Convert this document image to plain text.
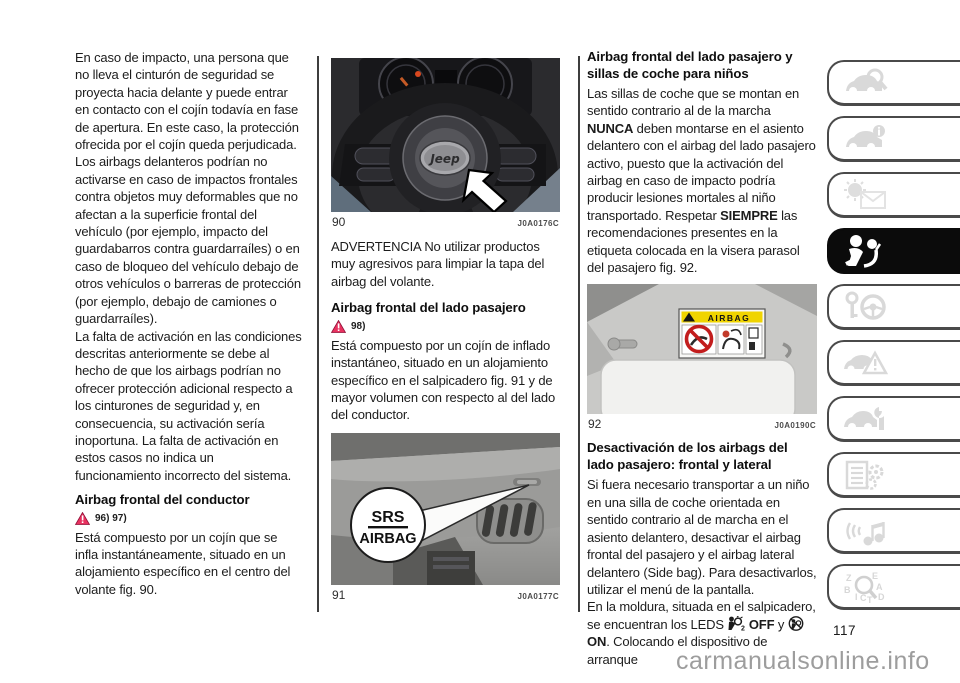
En caso de impacto, una persona que no lleva el cinturón de seguridad se proyecta hacia delante y puede entrar en contacto con el cojín todavía en fase de apertura. En este caso, la protección ofrecida por el cojín queda perjudicada.

Los airbags delanteros podrían no activarse en caso de impactos frontales contra objetos muy deformables que no afectan a la superficie frontal del vehículo (por ejemplo, impacto del guardabarros contra guardarraíles) o en caso de bloqueo del vehículo debajo de otros vehículos o barreras de protección (por ejemplo, debajo de camiones o guardarraíles).

La falta de activación en las condiciones descritas anteriormente se debe al hecho de que los airbags podrían no ofrecer protección adicional respecto a los cinturones de seguridad y, en consecuencia, su activación sería inoportuna. La falta de activación en estos casos no indica un funcionamiento incorrecto del sistema.

Airbag frontal del conductor
96) 97)

Está compuesto por un cojín que se infla instantáneamente, situado en un alojamiento específico en el centro del volante fig. 90.

Jeep
90	J0A0176C

ADVERTENCIA No utilizar productos muy agresivos para limpiar la tapa del airbag del volante.

Airbag frontal del lado pasajero
98)

Está compuesto por un cojín de inflado instantáneo, situado en un alojamiento específico en el salpicadero fig. 91 y de mayor volumen con respecto al del lado del conductor.

SRS
AIRBAG
91	J0A0177C
Airbag frontal del lado pasajero y sillas de coche para niños

Las sillas de coche que se montan en sentido contrario al de la marcha NUNCA deben montarse en el asiento delantero con el airbag del lado pasajero activo, puesto que la activación del airbag en caso de impacto podría producir lesiones mortales al niño transportado. Respetar SIEMPRE las recomendaciones presentes en la etiqueta colocada en la visera parasol del pasajero fig. 92.

AIRBAG
92	J0A0190C
Desactivación de los airbags del lado pasajero: frontal y lateral

Si fuera necesario transportar a un niño en una silla de coche orientada en sentido contrario al de marcha en el asiento delantero, desactivar el airbag frontal del pasajero y el airbag lateral delantero (Side bag). Para desactivarlos, utilizar el menú de la pantalla.

En la moldura, situada en el salpicadero, se encuentran los LEDS 2 OFF y  ON. Colocando el dispositivo de arranque

Z E
B	A
I C T D
117
carmanualsonline.info
